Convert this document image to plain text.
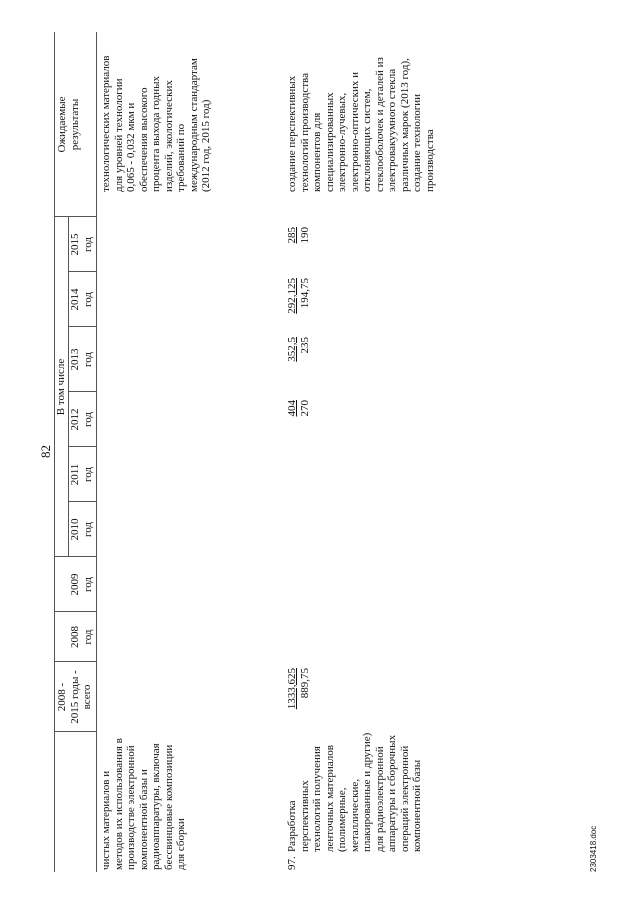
82
2008 -
2015 годы -
всего
2008
год
2009
год
2010
год
В том числе
2011
год
2012
год
2013
год
2014
год
2015
год
Ожидаемые
результаты
чистых материалов и методов их использования в производстве электронной компонентной базы и радиоаппаратуры, включая бессвинцовые композиции для сборки
технологических материалов для уровней технологии 0,065 - 0,032 мкм и обеспечения высокого процента выхода годных изделий, экологических требований по международным стандартам (2012 год, 2015 год)
97.
Разработка перспективных технологий получения ленточных материалов (полимерные, металлические, плакированные и другие) для радиоэлектронной аппаратуры и сборочных операций электронной компонентной базы
1333,625 889,75
404 270
352,5 235
292,125 194,75
285 190
создание перспективных технологий производства компонентов для специализированных электронно-лучевых, электронно-оптических и отклоняющих систем, стеклооболочек и деталей из электровакуумного стекла различных марок (2013 год), создание технологии производства
2303418.doc
